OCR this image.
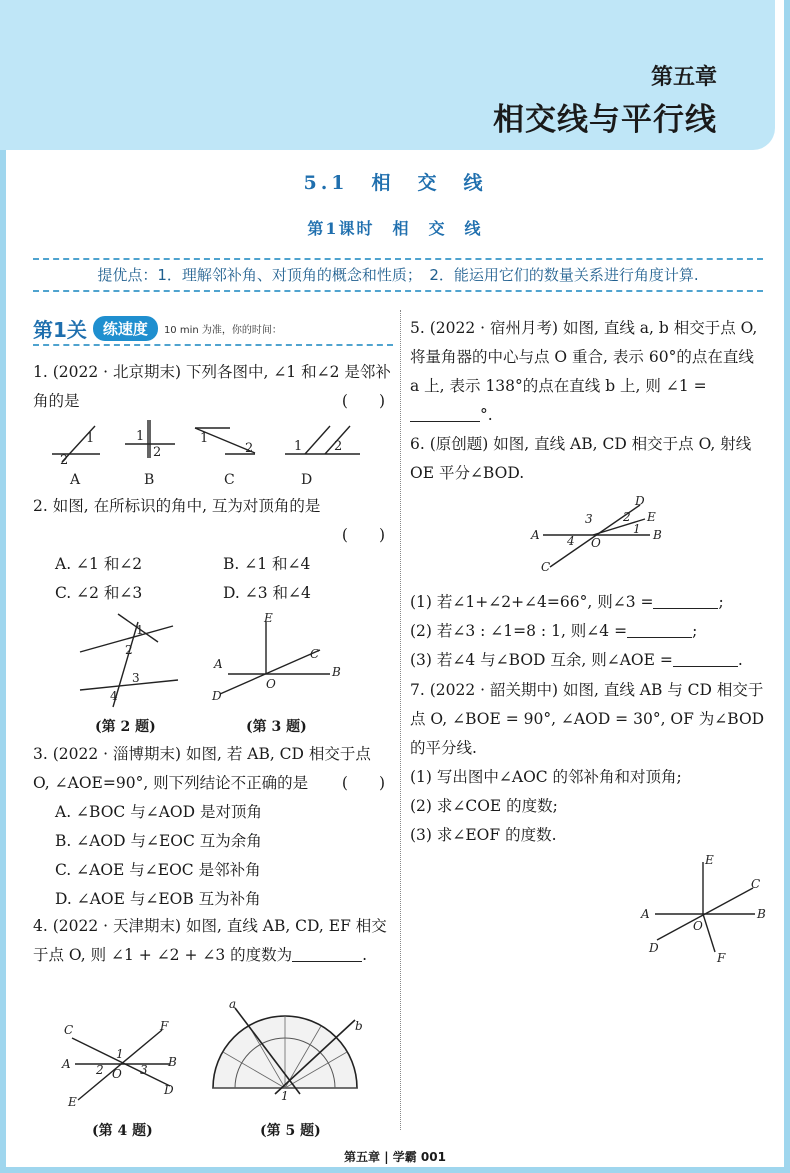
第五章
相交线与平行线
5.1　相　交　线
第1课时　相　交　线
提优点：1．理解邻补角、对顶角的概念和性质；　2．能运用它们的数量关系进行角度计算.
第1关	练速度	10 min 为准，你的时间：
1. (2022 · 北京期末) 下列各图中, ∠1 和∠2 是邻补角的是	(　　)
1
2
1
2
1
2	1 2
A	B	C	D
2. 如图, 在所标识的角中, 互为对顶角的是
(　　)
A. ∠1 和∠2	B. ∠1 和∠4
C. ∠2 和∠3	D. ∠3 和∠4
1
2
3
4
(第 2 题)
E
A
C
B
O
D
(第 3 题)
3. (2022 · 淄博期末) 如图, 若 AB, CD 相交于点 O, ∠AOE=90°, 则下列结论不正确的是 (　　)
A. ∠BOC 与∠AOD 是对顶角
B. ∠AOD 与∠EOC 互为余角
C. ∠AOE 与∠EOC 是邻补角
D. ∠AOE 与∠EOB 互为补角
4. (2022 · 天津期末) 如图, 直线 AB, CD, EF 相交于点 O, 则 ∠1 + ∠2 + ∠3 的度数为	.
C	F
A
1
2 O 3
B
E
D
(第 4 题)
a
b
1
(第 5 题)
5. (2022 · 宿州月考) 如图, 直线 a, b 相交于点 O, 将量角器的中心与点 O 重合, 表示 60°的点在直线 a 上, 表示 138°的点在直线 b 上, 则 ∠1 =°.
6. (原创题) 如图, 直线 AB, CD 相交于点 O, 射线 OE 平分∠BOD.
D
3	2 E
A 4 O
1 B
C
(1) 若∠1+∠2+∠4=66°, 则∠3 =	;
(2) 若∠3 : ∠1=8 : 1, 则∠4 =	;
(3) 若∠4 与∠BOD 互余, 则∠AOE =	.
7. (2022 · 韶关期中) 如图, 直线 AB 与 CD 相交于点 O, ∠BOE = 90°, ∠AOD = 30°, OF 为∠BOD 的平分线.
(1) 写出图中∠AOC 的邻补角和对顶角;
(2) 求∠COE 的度数;
(3) 求∠EOF 的度数.
E
C
A	B
O
D
F
第五章 | 学霸 001
